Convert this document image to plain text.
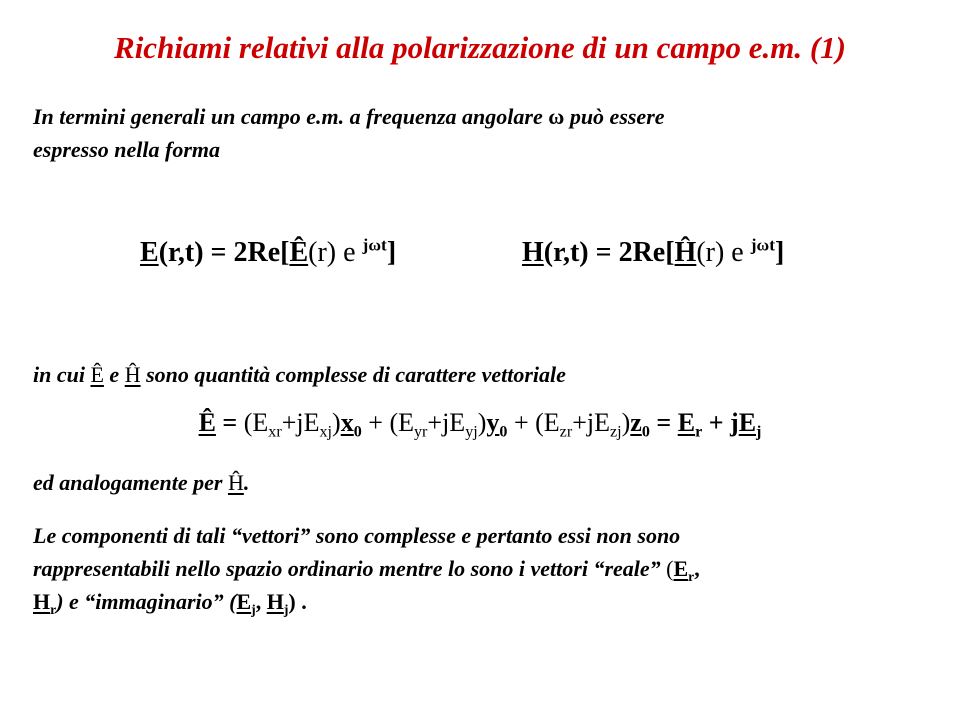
Richiami relativi alla polarizzazione di un campo e.m. (1)
In termini generali un campo e.m. a frequenza angolare ω può essere
espresso nella forma
E(r,t) = 2Re[Ê(r) e $^{j\omega t}$]	H(r,t) = 2Re[Ĥ(r) e $^{j\omega t}$]
in cui Ê e Ĥ sono quantità complesse di carattere vettoriale
Ê = $(E_{xr}+jE_{xj})x_0 + (E_{yr}+jE_{yj})y_0 + (E_{zr}+jE_{zj})z_0 = E_r + jE_j$
ed analogamente per Ĥ.
Le componenti di tali “vettori” sono complesse e pertanto essi non sono
rappresentabili nello spazio ordinario mentre lo sono i vettori “reale” ($E_r$,
$H_r$) e “immaginario” ($E_j$, $H_j$) .
